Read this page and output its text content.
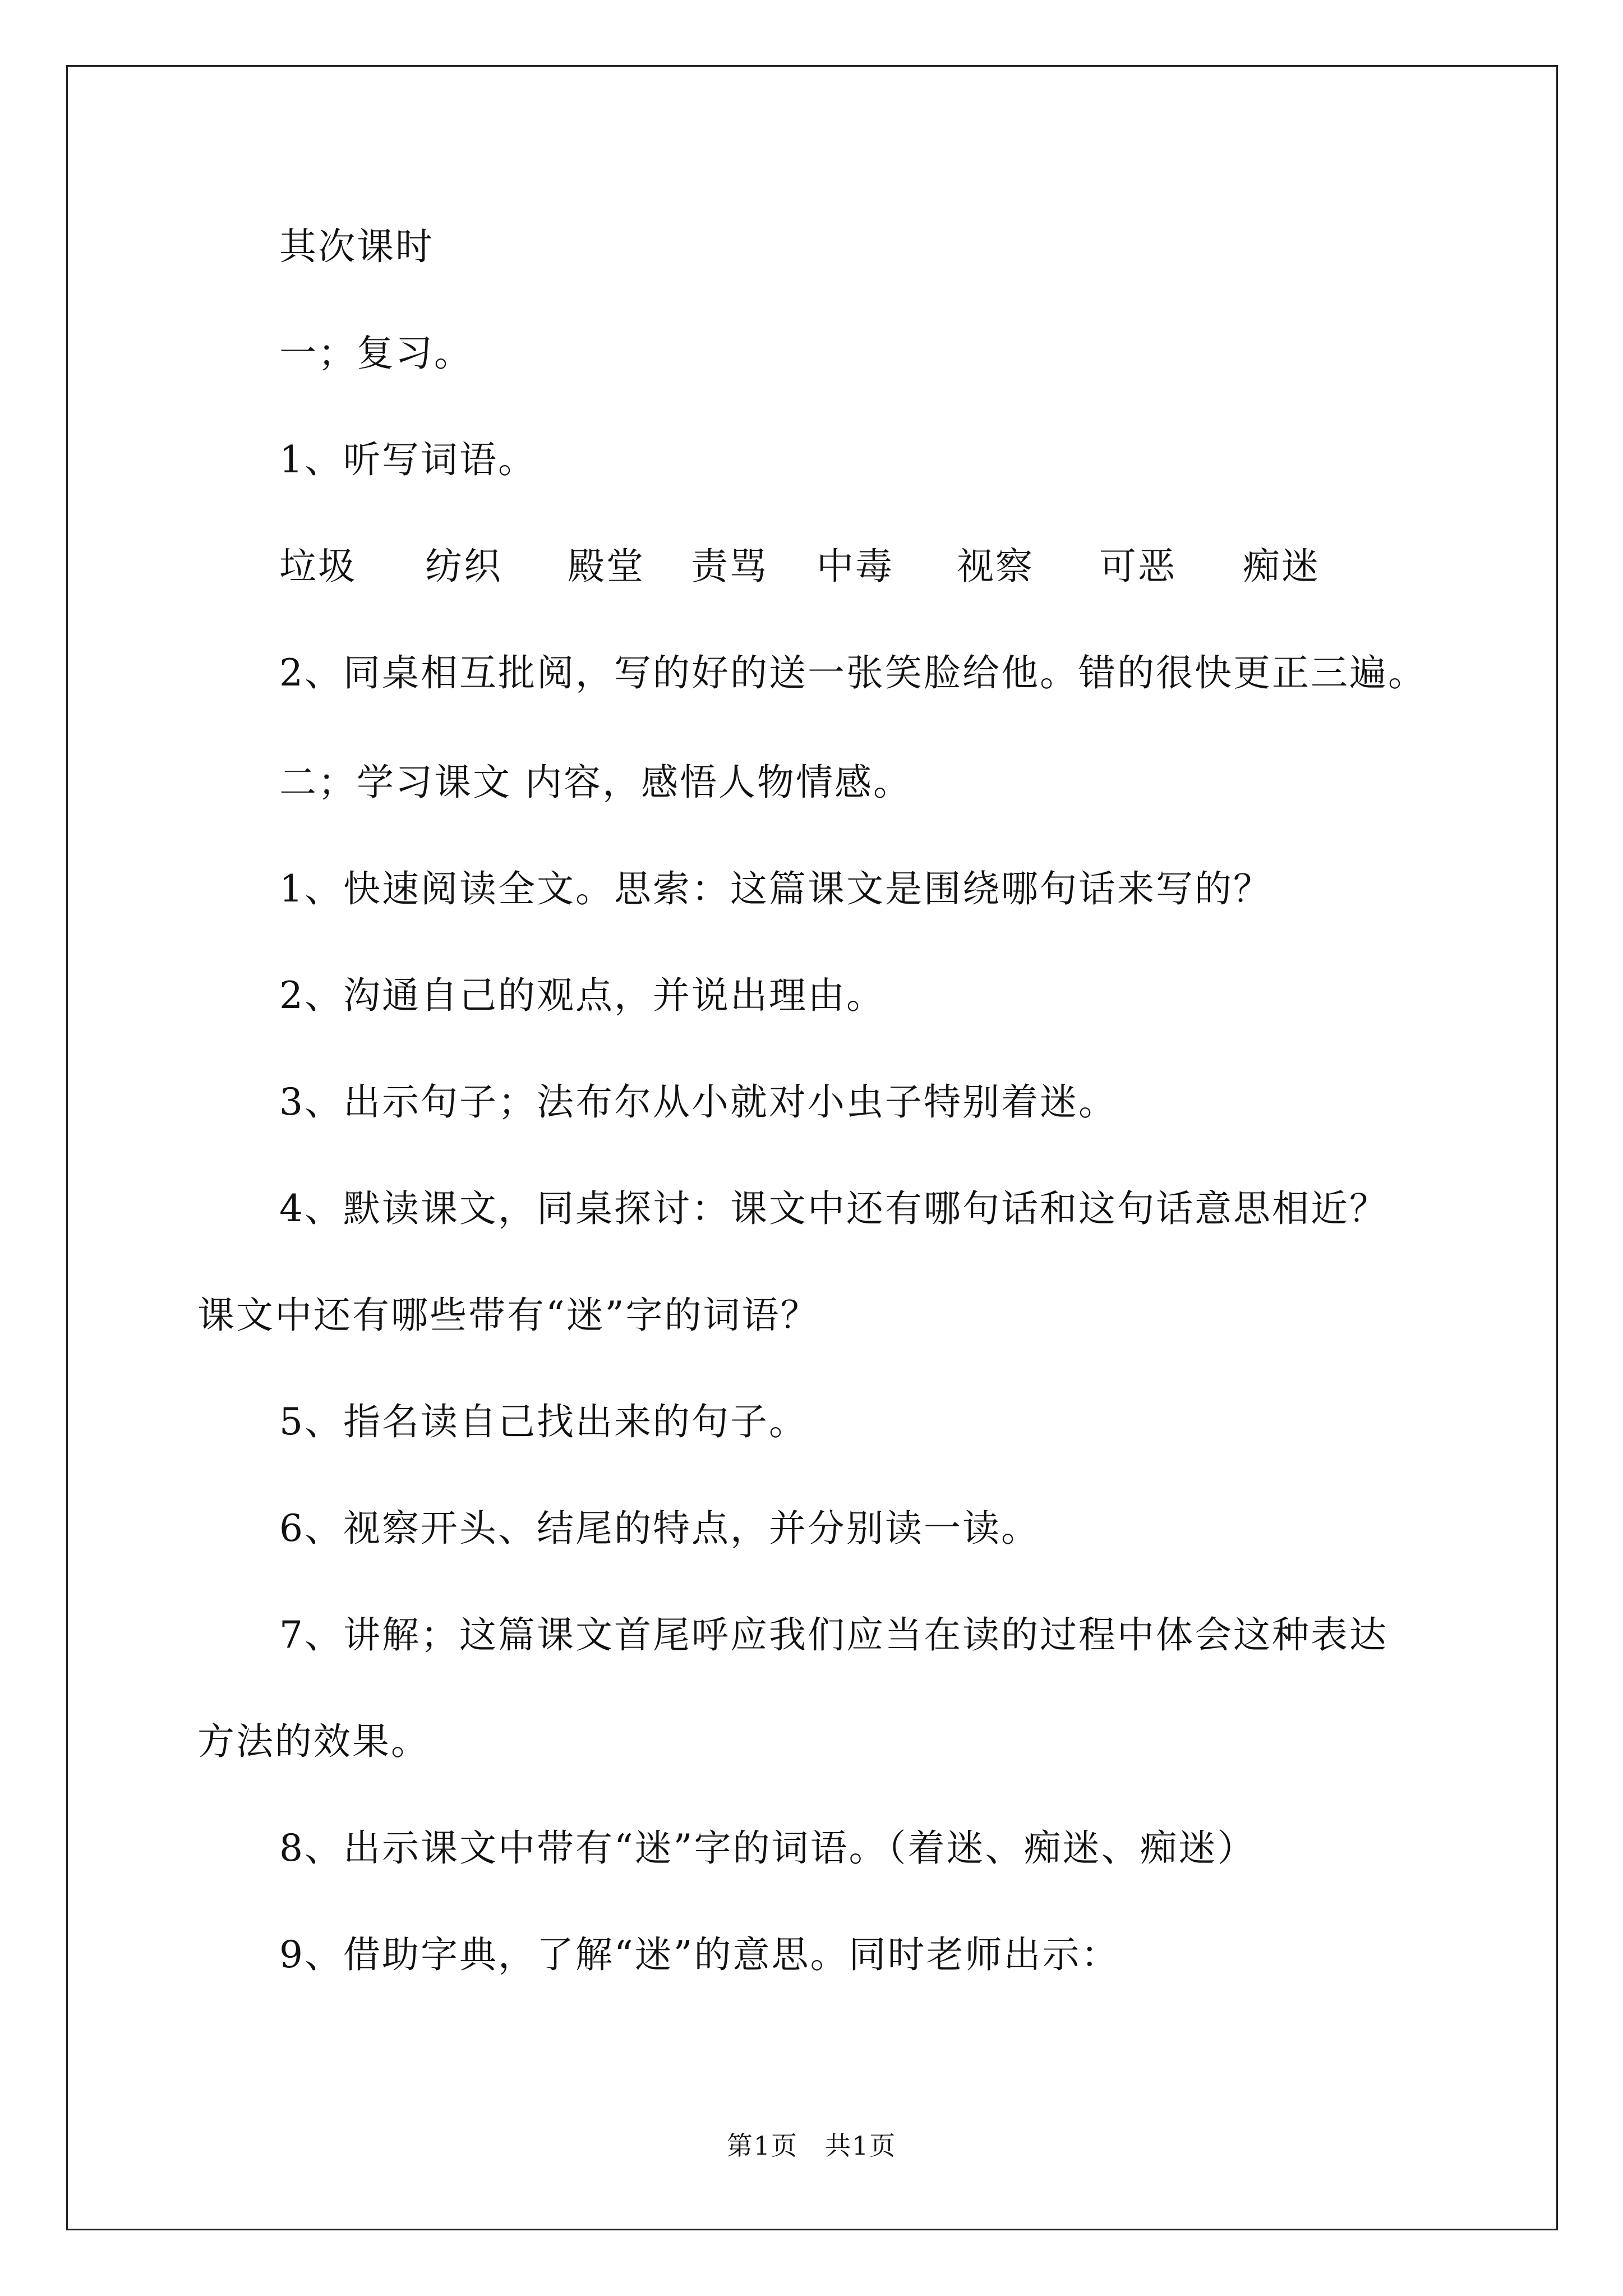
其次课时
一；复习。
1、听写词语。
垃圾 纺织 殿堂 责骂 中毒 视察 可恶 痴迷
2、同桌相互批阅，写的好的送一张笑脸给他。错的很快更正三遍。
二；学习课文 内容，感悟人物情感。
1、快速阅读全文。思索：这篇课文是围绕哪句话来写的？
2、沟通自己的观点，并说出理由。
3、出示句子；法布尔从小就对小虫子特别着迷。
4、默读课文，同桌探讨：课文中还有哪句话和这句话意思相近？
课文中还有哪些带有“迷”字的词语？
5、指名读自己找出来的句子。
6、视察开头、结尾的特点，并分别读一读。
7、讲解；这篇课文首尾呼应我们应当在读的过程中体会这种表达
方法的效果。
8、出示课文中带有“迷”字的词语。（着迷、痴迷、痴迷）
9、借助字典，了解“迷”的意思。同时老师出示：
第1页　共1页
